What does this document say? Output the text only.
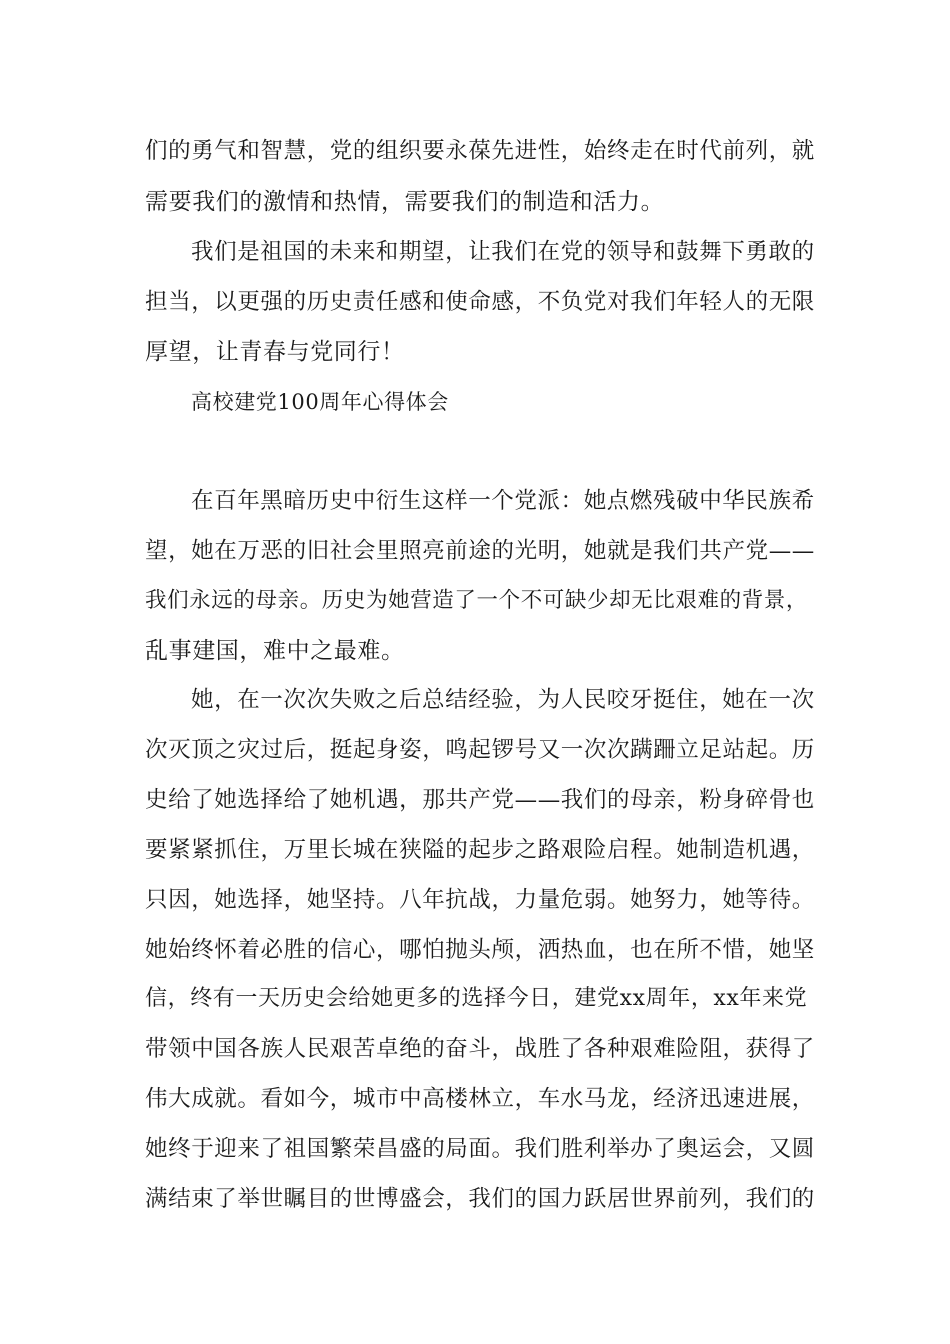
们的勇气和智慧，党的组织要永葆先进性，始终走在时代前列，就
需要我们的激情和热情，需要我们的制造和活力。
我们是祖国的未来和期望，让我们在党的领导和鼓舞下勇敢的
担当，以更强的历史责任感和使命感，不负党对我们年轻人的无限
厚望，让青春与党同行！
高校建党100周年心得体会
在百年黑暗历史中衍生这样一个党派：她点燃残破中华民族希
望，她在万恶的旧社会里照亮前途的光明，她就是我们共产党——
我们永远的母亲。历史为她营造了一个不可缺少却无比艰难的背景，
乱事建国，难中之最难。
她，在一次次失败之后总结经验，为人民咬牙挺住，她在一次
次灭顶之灾过后，挺起身姿，鸣起锣号又一次次蹒跚立足站起。历
史给了她选择给了她机遇，那共产党——我们的母亲，粉身碎骨也
要紧紧抓住，万里长城在狭隘的起步之路艰险启程。她制造机遇，
只因，她选择，她坚持。八年抗战，力量危弱。她努力，她等待。
她始终怀着必胜的信心，哪怕抛头颅，洒热血，也在所不惜，她坚
信，终有一天历史会给她更多的选择今日，建党xx周年，xx年来党
带领中国各族人民艰苦卓绝的奋斗，战胜了各种艰难险阻，获得了
伟大成就。看如今，城市中高楼林立，车水马龙，经济迅速进展，
她终于迎来了祖国繁荣昌盛的局面。我们胜利举办了奥运会，又圆
满结束了举世瞩目的世博盛会，我们的国力跃居世界前列，我们的
